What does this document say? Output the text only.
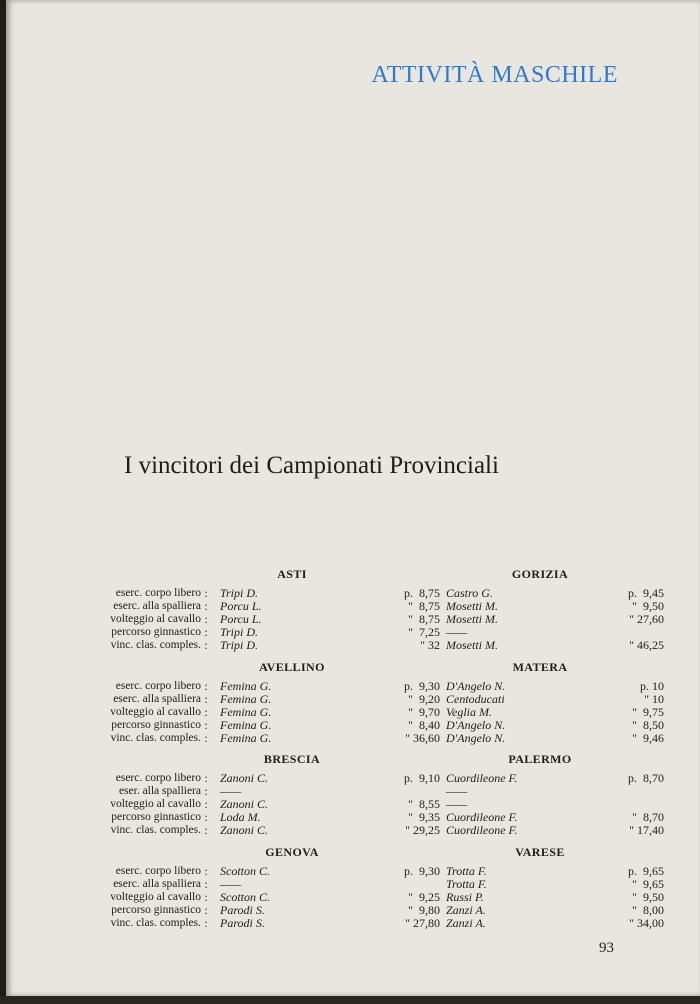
ATTIVITÀ MASCHILE
I vincitori dei Campionati Provinciali
ASTI	GORIZIA
eserc. corpo libero : Tripi D.	p.  8,75 Castro G.	p.  9,45
eserc. alla spalliera : Porcu L.	"  8,75 Mosetti M.	"  9,50
volteggio al cavallo : Porcu L.	"  8,75 Mosetti M.	" 27,60
percorso ginnastico : Tripi D.	"  7,25 ——
vinc. clas. comples. : Tripi D.	" 32 Mosetti M.	" 46,25
AVELLINO	MATERA
eserc. corpo libero : Femina G.	p.  9,30 D'Angelo N.	p. 10
eserc. alla spalliera : Femina G.	"  9,20 Centoducati	" 10
volteggio al cavallo : Femina G.	"  9,70 Veglia M.	"  9,75
percorso ginnastico : Femina G.	"  8,40 D'Angelo N.	"  8,50
vinc. clas. comples. : Femina G.	" 36,60 D'Angelo N.	"  9,46
BRESCIA	PALERMO
eserc. corpo libero : Zanoni C.	p.  9,10 Cuordileone F.	p.  8,70
eser. alla spalliera : ——	——
volteggio al cavallo : Zanoni C.	"  8,55 ——
percorso ginnastico : Loda M.	"  9,35 Cuordileone F.	"  8,70
vinc. clas. comples. : Zanoni C.	" 29,25 Cuordileone F.	" 17,40
GENOVA	VARESE
eserc. corpo libero : Scotton C.	p.  9,30 Trotta F.	p.  9,65
eserc. alla spalliera : ——	Trotta F.	"  9,65
volteggio al cavallo : Scotton C.	"  9,25 Russi P.	"  9,50
percorso ginnastico : Parodi S.	"  9,80 Zanzi A.	"  8,00
vinc. clas. comples. : Parodi S.	" 27,80 Zanzi A.	" 34,00
93
